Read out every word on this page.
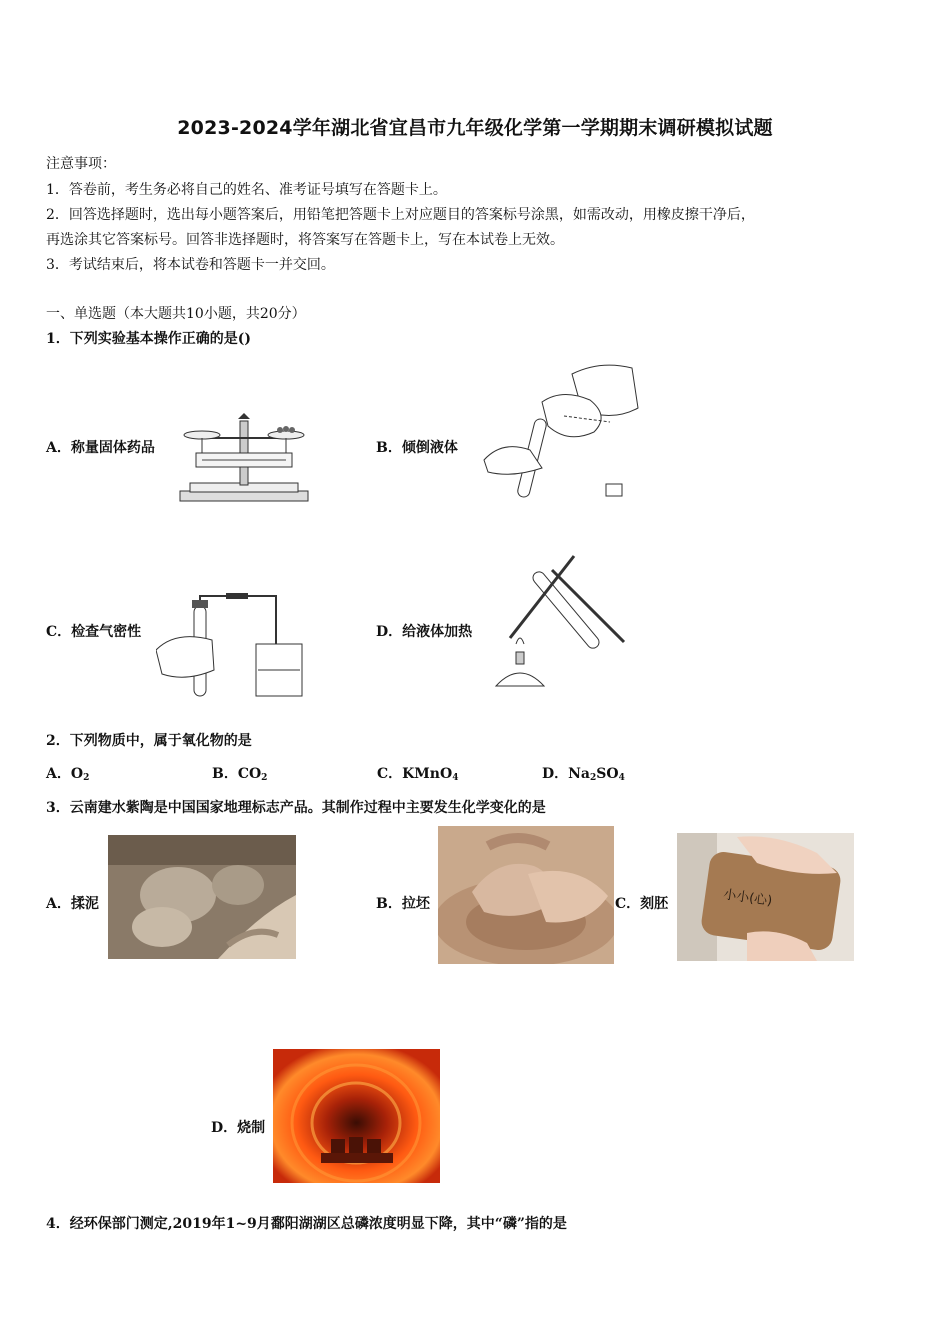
2023-2024学年湖北省宜昌市九年级化学第一学期期末调研模拟试题
注意事项：
1．答卷前，考生务必将自己的姓名、准考证号填写在答题卡上。
2．回答选择题时，选出每小题答案后，用铅笔把答题卡上对应题目的答案标号涂黑，如需改动，用橡皮擦干净后，
再选涂其它答案标号。回答非选择题时，将答案写在答题卡上，写在本试卷上无效。
3．考试结束后，将本试卷和答题卡一并交回。
一、单选题（本大题共10小题，共20分）
1．下列实验基本操作正确的是()
A．称量固体药品	B．倾倒液体
C．检查气密性	D．给液体加热
2．下列物质中，属于氧化物的是
A．$O_2$	B．$CO_2$	C．KMnO$_4$	D．$Na_2SO_4$
3．云南建水紫陶是中国国家地理标志产品。其制作过程中主要发生化学变化的是
A．揉泥	B．拉坯	C．刻胚	小小(心)
D．烧制
4．经环保部门测定,2019年1~9月鄱阳湖湖区总磷浓度明显下降，其中“磷”指的是
